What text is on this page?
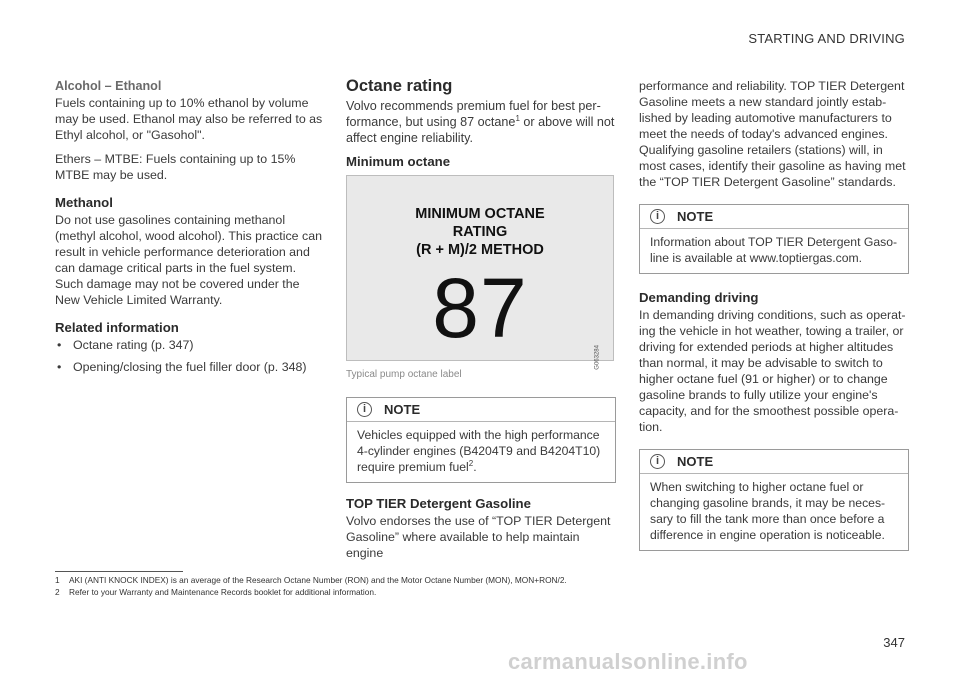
STARTING AND DRIVING
Alcohol – Ethanol

Fuels containing up to 10% ethanol by volume may be used. Ethanol may also be referred to as Ethyl alcohol, or "Gasohol".

Ethers – MTBE: Fuels containing up to 15% MTBE may be used.

Methanol

Do not use gasolines containing methanol (methyl alcohol, wood alcohol). This practice can result in vehicle performance deterioration and can damage critical parts in the fuel system. Such damage may not be covered under the New Vehicle Limited Warranty.

Related information
• Octane rating (p. 347)
• Opening/closing the fuel filler door (p. 348)
Octane rating

Volvo recommends premium fuel for best per- formance, but using 87 octane$^1$ or above will not affect engine reliability.

Minimum octane
MINIMUM OCTANE
RATING
(R + M)/2 METHOD
87
G063284
Typical pump octane label
i	NOTE
Vehicles equipped with the high performance 4-cylinder engines (B4204T9 and B4204T10) require premium fuel$^2$.
TOP TIER Detergent Gasoline

Volvo endorses the use of “TOP TIER Detergent Gasoline” where available to help maintain engine

performance and reliability. TOP TIER Detergent Gasoline meets a new standard jointly estab- lished by leading automotive manufacturers to meet the needs of today's advanced engines. Qualifying gasoline retailers (stations) will, in most cases, identify their gasoline as having met the “TOP TIER Detergent Gasoline” standards.

i	NOTE
Information about TOP TIER Detergent Gaso- line is available at www.toptiergas.com.
Demanding driving

In demanding driving conditions, such as operat- ing the vehicle in hot weather, towing a trailer, or driving for extended periods at higher altitudes than normal, it may be advisable to switch to higher octane fuel (91 or higher) or to change gasoline brands to fully utilize your engine's capacity, and for the smoothest possible opera- tion.

i	NOTE
When switching to higher octane fuel or changing gasoline brands, it may be neces- sary to fill the tank more than once before a difference in engine operation is noticeable.
1 AKI (ANTI KNOCK INDEX) is an average of the Research Octane Number (RON) and the Motor Octane Number (MON), MON+RON/2.
2 Refer to your Warranty and Maintenance Records booklet for additional information.
347
carmanualsonline.info
